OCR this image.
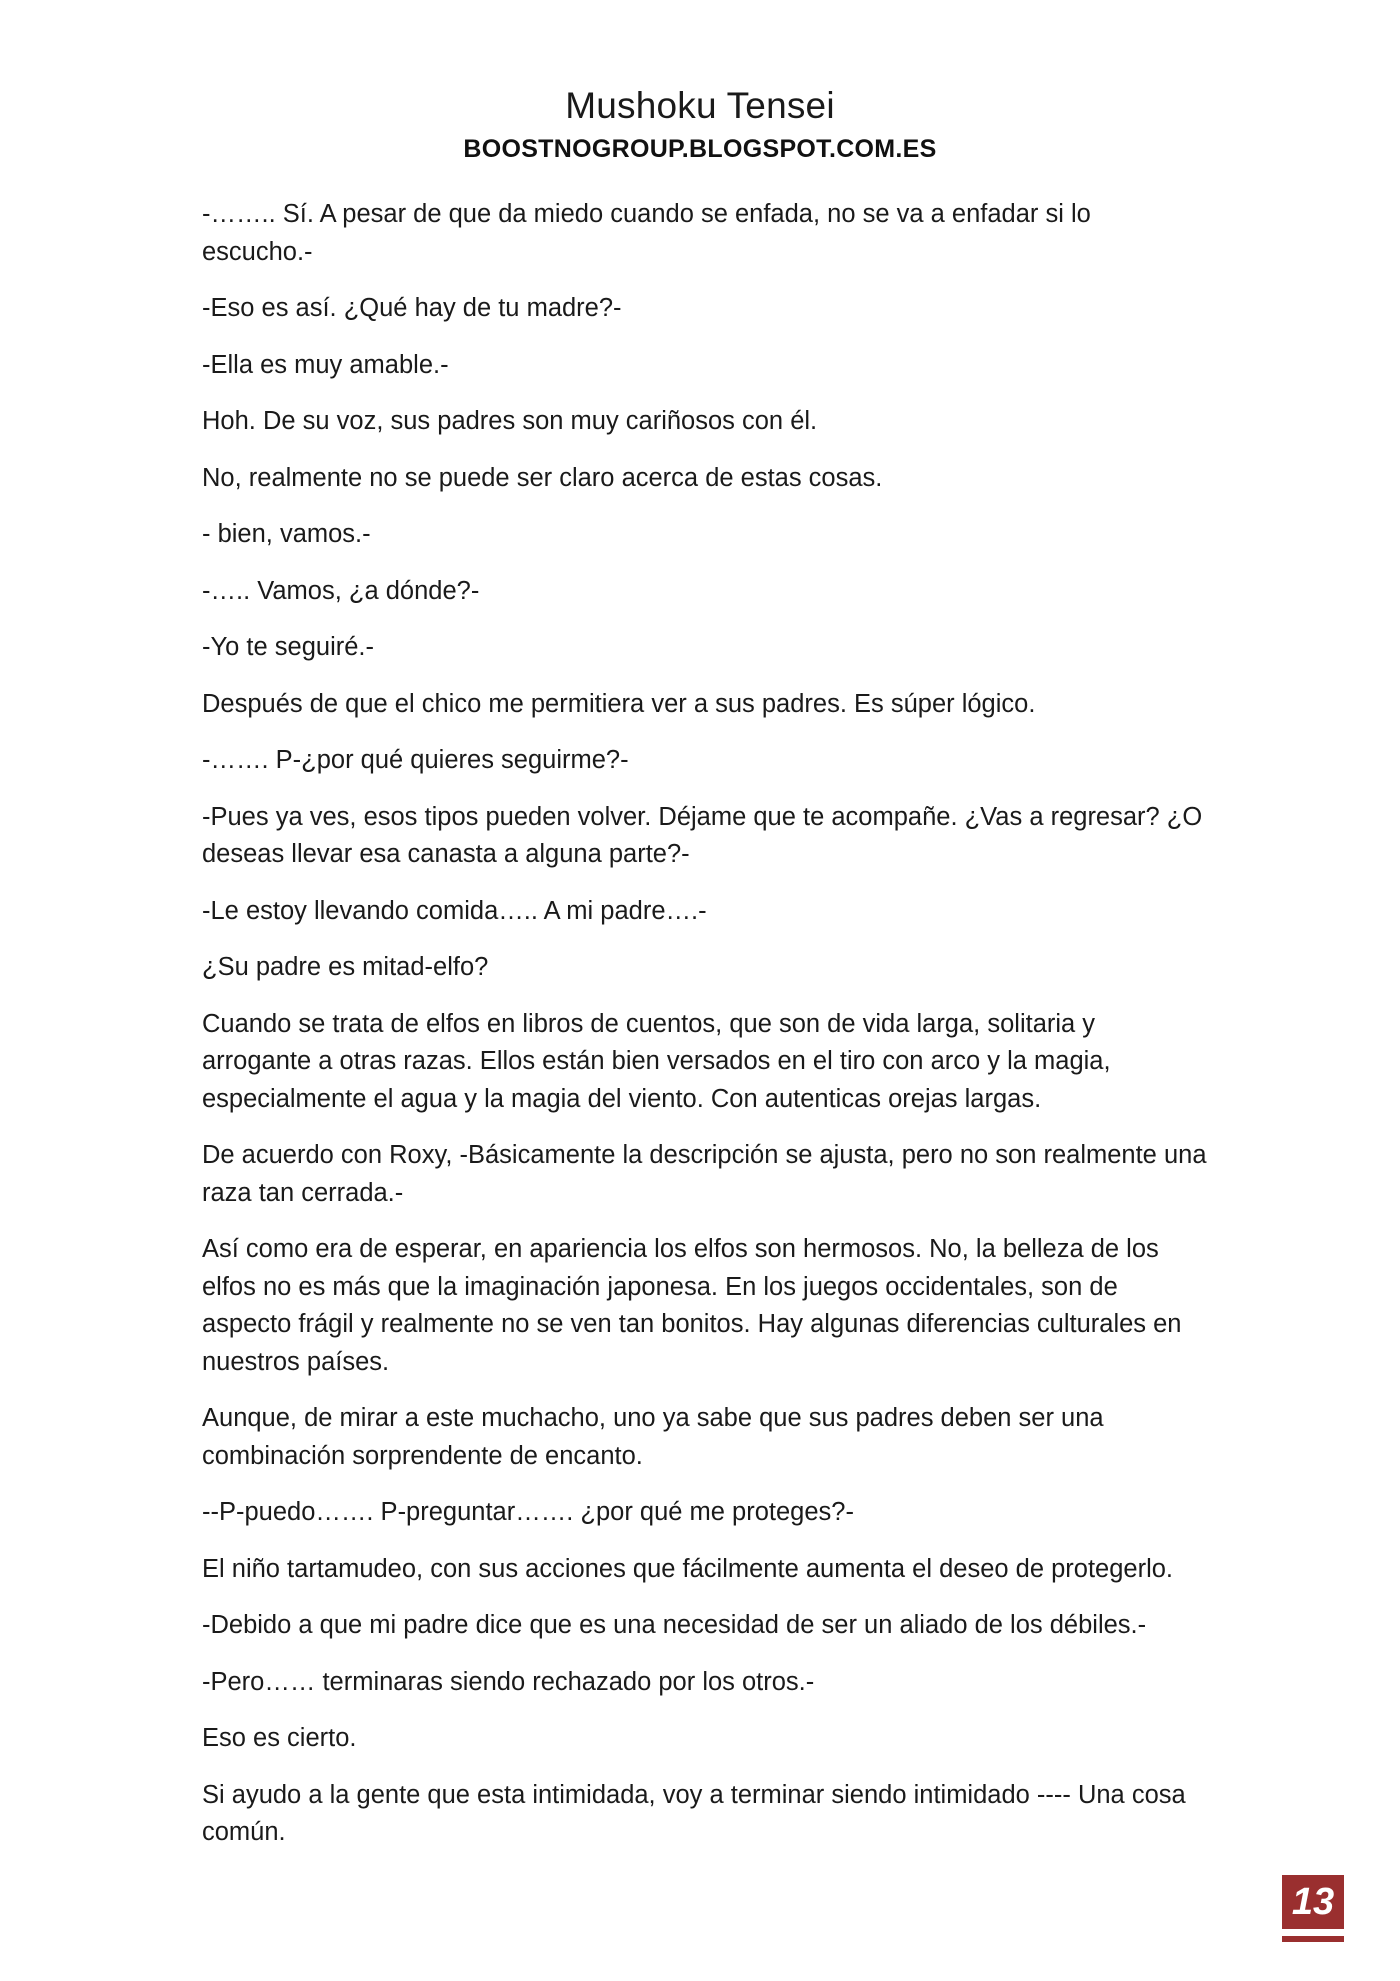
Mushoku Tensei
BOOSTNOGROUP.BLOGSPOT.COM.ES

-…….. Sí. A pesar de que da miedo cuando se enfada, no se va a enfadar si lo escucho.-

-Eso es así. ¿Qué hay de tu madre?-

-Ella es muy amable.-

Hoh. De su voz, sus padres son muy cariñosos con él.

No, realmente no se puede ser claro acerca de estas cosas.

- bien, vamos.-

-….. Vamos, ¿a dónde?-

-Yo te seguiré.-

Después de que el chico me permitiera ver a sus padres. Es súper lógico.

-……. P-¿por qué quieres seguirme?-

-Pues ya ves, esos tipos pueden volver. Déjame que te acompañe. ¿Vas a regresar? ¿O deseas llevar esa canasta a alguna parte?-

-Le estoy llevando comida….. A mi padre….-

¿Su padre es mitad-elfo?

Cuando se trata de elfos en libros de cuentos, que son de vida larga, solitaria y arrogante a otras razas. Ellos están bien versados en el tiro con arco y la magia, especialmente el agua y la magia del viento. Con autenticas orejas largas.

De acuerdo con Roxy, -Básicamente la descripción se ajusta, pero no son realmente una raza tan cerrada.-

Así como era de esperar, en apariencia los elfos son hermosos. No, la belleza de los elfos no es más que la imaginación japonesa. En los juegos occidentales, son de aspecto frágil y realmente no se ven tan bonitos. Hay algunas diferencias culturales en nuestros países.

Aunque, de mirar a este muchacho, uno ya sabe que sus padres deben ser una combinación sorprendente de encanto.

--P-puedo……. P-preguntar……. ¿por qué me proteges?-

El niño tartamudeo, con sus acciones que fácilmente aumenta el deseo de protegerlo.

-Debido a que mi padre dice que es una necesidad de ser un aliado de los débiles.-

-Pero…… terminaras siendo rechazado por los otros.-

Eso es cierto.

Si ayudo a la gente que esta intimidada, voy a terminar siendo intimidado ---- Una cosa común.

13
